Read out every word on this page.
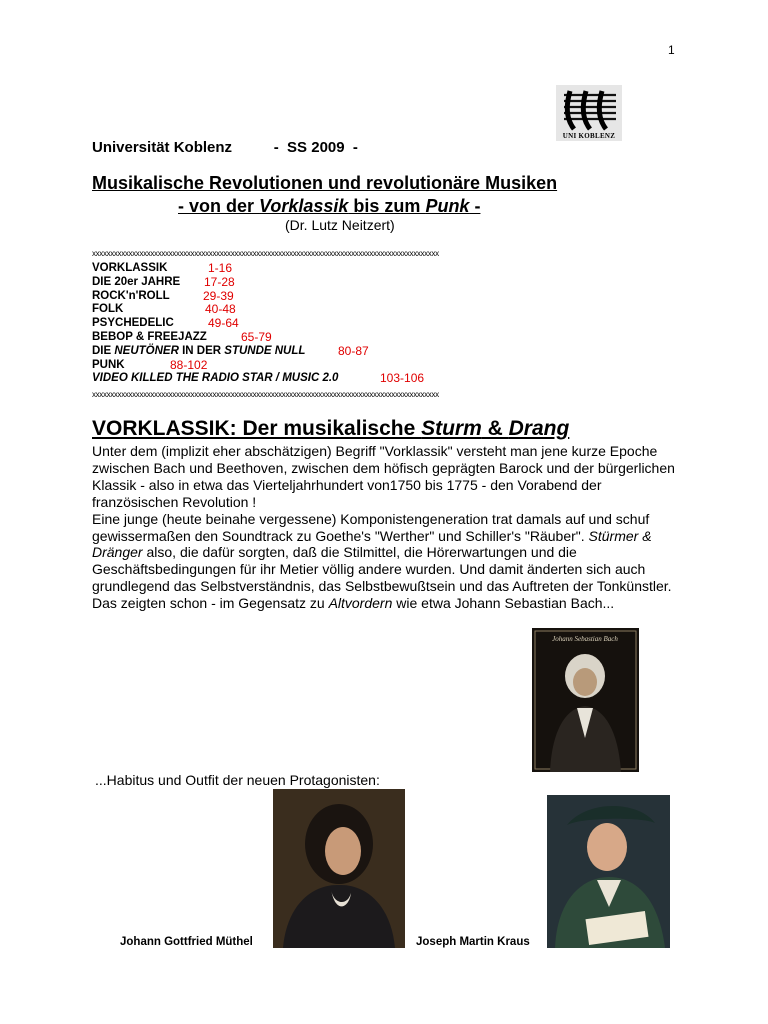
1
UNI KOBLENZ
Universität Koblenz	-  SS 2009  -
Musikalische Revolutionen und revolutionäre Musiken
- von der Vorklassik bis zum Punk -
(Dr. Lutz Neitzert)
xxxxxxxxxxxxxxxxxxxxxxxxxxxxxxxxxxxxxxxxxxxxxxxxxxxxxxxxxxxxxxxxxxxxxxxxxxxxxxxxxxxxxxxxxxxxxxx
VORKLASSIK	1-16
DIE 20er JAHRE 17-28
ROCK'n'ROLL	29-39
FOLK	40-48
PSYCHEDELIC	49-64
BEBOP & FREEJAZZ	65-79
DIE NEUTÖNER IN DER STUNDE NULL	80-87
PUNK	88-102
VIDEO KILLED THE RADIO STAR / MUSIC 2.0	103-106
xxxxxxxxxxxxxxxxxxxxxxxxxxxxxxxxxxxxxxxxxxxxxxxxxxxxxxxxxxxxxxxxxxxxxxxxxxxxxxxxxxxxxxxxxxxxxxx
VORKLASSIK: Der musikalische Sturm & Drang

Unter dem (implizit eher abschätzigen) Begriff "Vorklassik" versteht man jene kurze Epoche zwischen Bach und Beethoven, zwischen dem höfisch geprägten Barock und der bürgerlichen Klassik - also in etwa das Vierteljahrhundert von1750 bis 1775 - den Vorabend der französischen Revolution !

Eine junge (heute beinahe vergessene) Komponistengeneration trat damals auf und schuf gewissermaßen den Soundtrack zu Goethe's "Werther" und Schiller's "Räuber". Stürmer & Dränger also, die dafür sorgten, daß die Stilmittel, die Hörerwartungen und die Geschäftsbedingungen für ihr Metier völlig andere wurden. Und damit änderten sich auch grundlegend das Selbstverständnis, das Selbstbewußtsein und das Auftreten der Tonkünstler.

Das zeigten schon - im Gegensatz zu Altvordern wie etwa Johann Sebastian Bach...

Johann Sebastian Bach
...Habitus und Outfit der neuen Protagonisten:
Johann Gottfried Müthel	Joseph Martin Kraus
